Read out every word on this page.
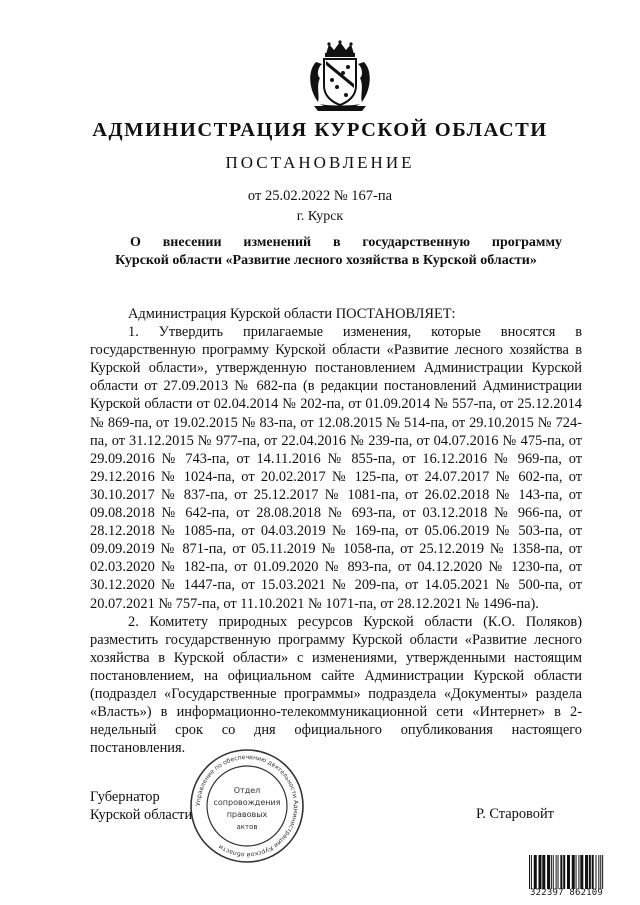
АДМИНИСТРАЦИЯ КУРСКОЙ ОБЛАСТИ
ПОСТАНОВЛЕНИЕ
от 25.02.2022 № 167-па
г. Курск
О внесении изменений в государственную программу
Курской области «Развитие лесного хозяйства в Курской области»

Администрация Курской области ПОСТАНОВЛЯЕТ:

1. Утвердить прилагаемые изменения, которые вносятся в государственную программу Курской области «Развитие лесного хозяйства в Курской области», утвержденную постановлением Администрации Курской области от 27.09.2013 № 682-па (в редакции постановлений Администрации Курской области от 02.04.2014 № 202-па, от 01.09.2014 № 557-па, от 25.12.2014 № 869-па, от 19.02.2015 № 83-па, от 12.08.2015 № 514-па, от 29.10.2015 № 724-па, от 31.12.2015 № 977-па, от 22.04.2016 № 239-па, от 04.07.2016 № 475-па, от 29.09.2016 № 743-па, от 14.11.2016 № 855-па, от 16.12.2016 № 969-па, от 29.12.2016 № 1024-па, от 20.02.2017 № 125-па, от 24.07.2017 № 602-па, от 30.10.2017 № 837-па, от 25.12.2017 № 1081-па, от 26.02.2018 № 143-па, от 09.08.2018 № 642-па, от 28.08.2018 № 693-па, от 03.12.2018 № 966-па, от 28.12.2018 № 1085-па, от 04.03.2019 № 169-па, от 05.06.2019 № 503-па, от 09.09.2019 № 871-па, от 05.11.2019 № 1058-па, от 25.12.2019 № 1358-па, от 02.03.2020 № 182-па, от 01.09.2020 № 893-па, от 04.12.2020 № 1230-па, от 30.12.2020 № 1447-па, от 15.03.2021 № 209-па, от 14.05.2021 № 500-па, от 20.07.2021 № 757-па, от 11.10.2021 № 1071-па, от 28.12.2021 № 1496-па).

2. Комитету природных ресурсов Курской области (К.О. Поляков) разместить государственную программу Курской области «Развитие лесного хозяйства в Курской области» с изменениями, утвержденными настоящим постановлением, на официальном сайте Администрации Курской области (подраздел «Государственные программы» подраздела «Документы» раздела «Власть») в информационно-телекоммуникационной сети «Интернет» в 2-недельный срок со дня официального опубликования настоящего постановления.

Губернатор
Курской области
Управление по обеспечению деятельности Администрации Курской области
Отдел
сопровождения
правовых
актов
Р. Старовойт
322397 862109
